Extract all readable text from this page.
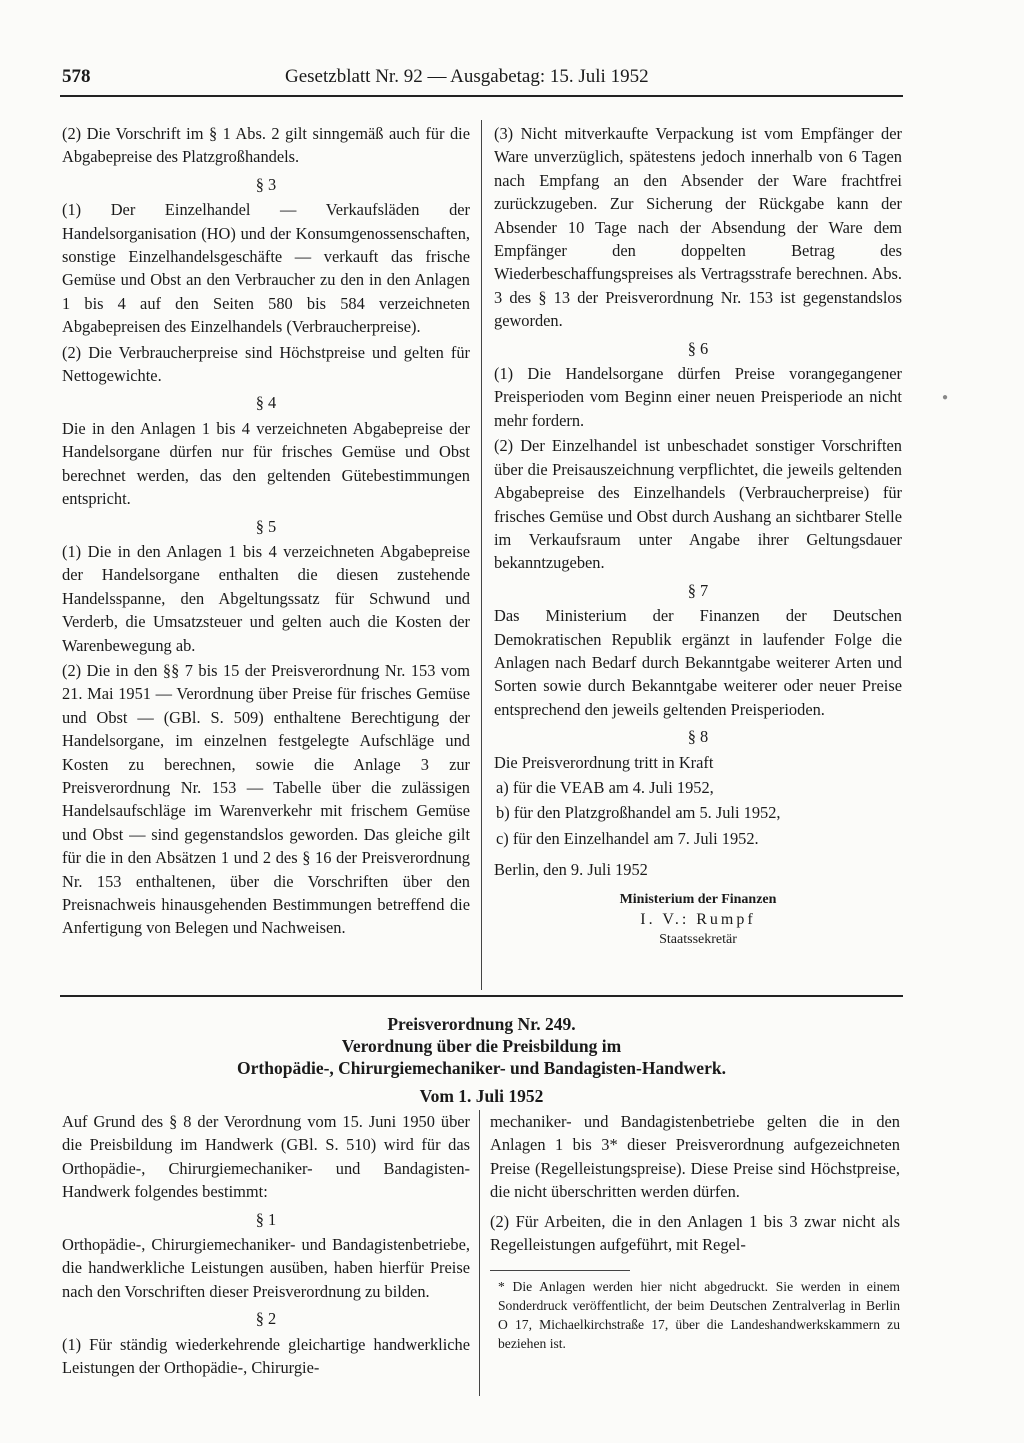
578	Gesetzblatt Nr. 92 — Ausgabetag: 15. Juli 1952

(2) Die Vorschrift im § 1 Abs. 2 gilt sinngemäß auch für die Abgabepreise des Platzgroßhandels.

§ 3

(1) Der Einzelhandel — Verkaufsläden der Handelsorganisation (HO) und der Konsumgenossenschaften, sonstige Einzelhandelsgeschäfte — verkauft das frische Gemüse und Obst an den Verbraucher zu den in den Anlagen 1 bis 4 auf den Seiten 580 bis 584 verzeichneten Abgabepreisen des Einzelhandels (Verbraucherpreise).

(2) Die Verbraucherpreise sind Höchstpreise und gelten für Nettogewichte.

§ 4

Die in den Anlagen 1 bis 4 verzeichneten Abgabepreise der Handelsorgane dürfen nur für frisches Gemüse und Obst berechnet werden, das den geltenden Gütebestimmungen entspricht.

§ 5

(1) Die in den Anlagen 1 bis 4 verzeichneten Abgabepreise der Handelsorgane enthalten die diesen zustehende Handelsspanne, den Abgeltungssatz für Schwund und Verderb, die Umsatzsteuer und gelten auch die Kosten der Warenbewegung ab.

(2) Die in den §§ 7 bis 15 der Preisverordnung Nr. 153 vom 21. Mai 1951 — Verordnung über Preise für frisches Gemüse und Obst — (GBl. S. 509) enthaltene Berechtigung der Handelsorgane, im einzelnen festgelegte Aufschläge und Kosten zu berechnen, sowie die Anlage 3 zur Preisverordnung Nr. 153 — Tabelle über die zulässigen Handelsaufschläge im Warenverkehr mit frischem Gemüse und Obst — sind gegenstandslos geworden. Das gleiche gilt für die in den Absätzen 1 und 2 des § 16 der Preisverordnung Nr. 153 enthaltenen, über die Vorschriften über den Preisnachweis hinausgehenden Bestimmungen betreffend die Anfertigung von Belegen und Nachweisen.

(3) Nicht mitverkaufte Verpackung ist vom Empfänger der Ware unverzüglich, spätestens jedoch innerhalb von 6 Tagen nach Empfang an den Absender der Ware frachtfrei zurückzugeben. Zur Sicherung der Rückgabe kann der Absender 10 Tage nach der Absendung der Ware dem Empfänger den doppelten Betrag des Wiederbeschaffungspreises als Vertragsstrafe berechnen. Abs. 3 des § 13 der Preisverordnung Nr. 153 ist gegenstandslos geworden.

§ 6

(1) Die Handelsorgane dürfen Preise vorangegangener Preisperioden vom Beginn einer neuen Preisperiode an nicht mehr fordern.

(2) Der Einzelhandel ist unbeschadet sonstiger Vorschriften über die Preisauszeichnung verpflichtet, die jeweils geltenden Abgabepreise des Einzelhandels (Verbraucherpreise) für frisches Gemüse und Obst durch Aushang an sichtbarer Stelle im Verkaufsraum unter Angabe ihrer Geltungsdauer bekanntzugeben.

§ 7

Das Ministerium der Finanzen der Deutschen Demokratischen Republik ergänzt in laufender Folge die Anlagen nach Bedarf durch Bekanntgabe weiterer Arten und Sorten sowie durch Bekanntgabe weiterer oder neuer Preise entsprechend den jeweils geltenden Preisperioden.

§ 8

Die Preisverordnung tritt in Kraft

a) für die VEAB am 4. Juli 1952,

b) für den Platzgroßhandel am 5. Juli 1952,

c) für den Einzelhandel am 7. Juli 1952.

Berlin, den 9. Juli 1952

Ministerium der Finanzen
I. V.: Rumpf
Staatssekretär
Preisverordnung Nr. 249.
Verordnung über die Preisbildung im
Orthopädie-, Chirurgiemechaniker- und Bandagisten-Handwerk.
Vom 1. Juli 1952

Auf Grund des § 8 der Verordnung vom 15. Juni 1950 über die Preisbildung im Handwerk (GBl. S. 510) wird für das Orthopädie-, Chirurgiemechaniker- und Bandagisten-Handwerk folgendes bestimmt:

§ 1

Orthopädie-, Chirurgiemechaniker- und Bandagistenbetriebe, die handwerkliche Leistungen ausüben, haben hierfür Preise nach den Vorschriften dieser Preisverordnung zu bilden.

§ 2

(1) Für ständig wiederkehrende gleichartige handwerkliche Leistungen der Orthopädie-, Chirurgie-

mechaniker- und Bandagistenbetriebe gelten die in den Anlagen 1 bis 3* dieser Preisverordnung aufgezeichneten Preise (Regelleistungspreise). Diese Preise sind Höchstpreise, die nicht überschritten werden dürfen.

(2) Für Arbeiten, die in den Anlagen 1 bis 3 zwar nicht als Regelleistungen aufgeführt, mit Regel-

* Die Anlagen werden hier nicht abgedruckt. Sie werden in einem Sonderdruck veröffentlicht, der beim Deutschen Zentralverlag in Berlin O 17, Michaelkirchstraße 17, über die Landeshandwerkskammern zu beziehen ist.
●
